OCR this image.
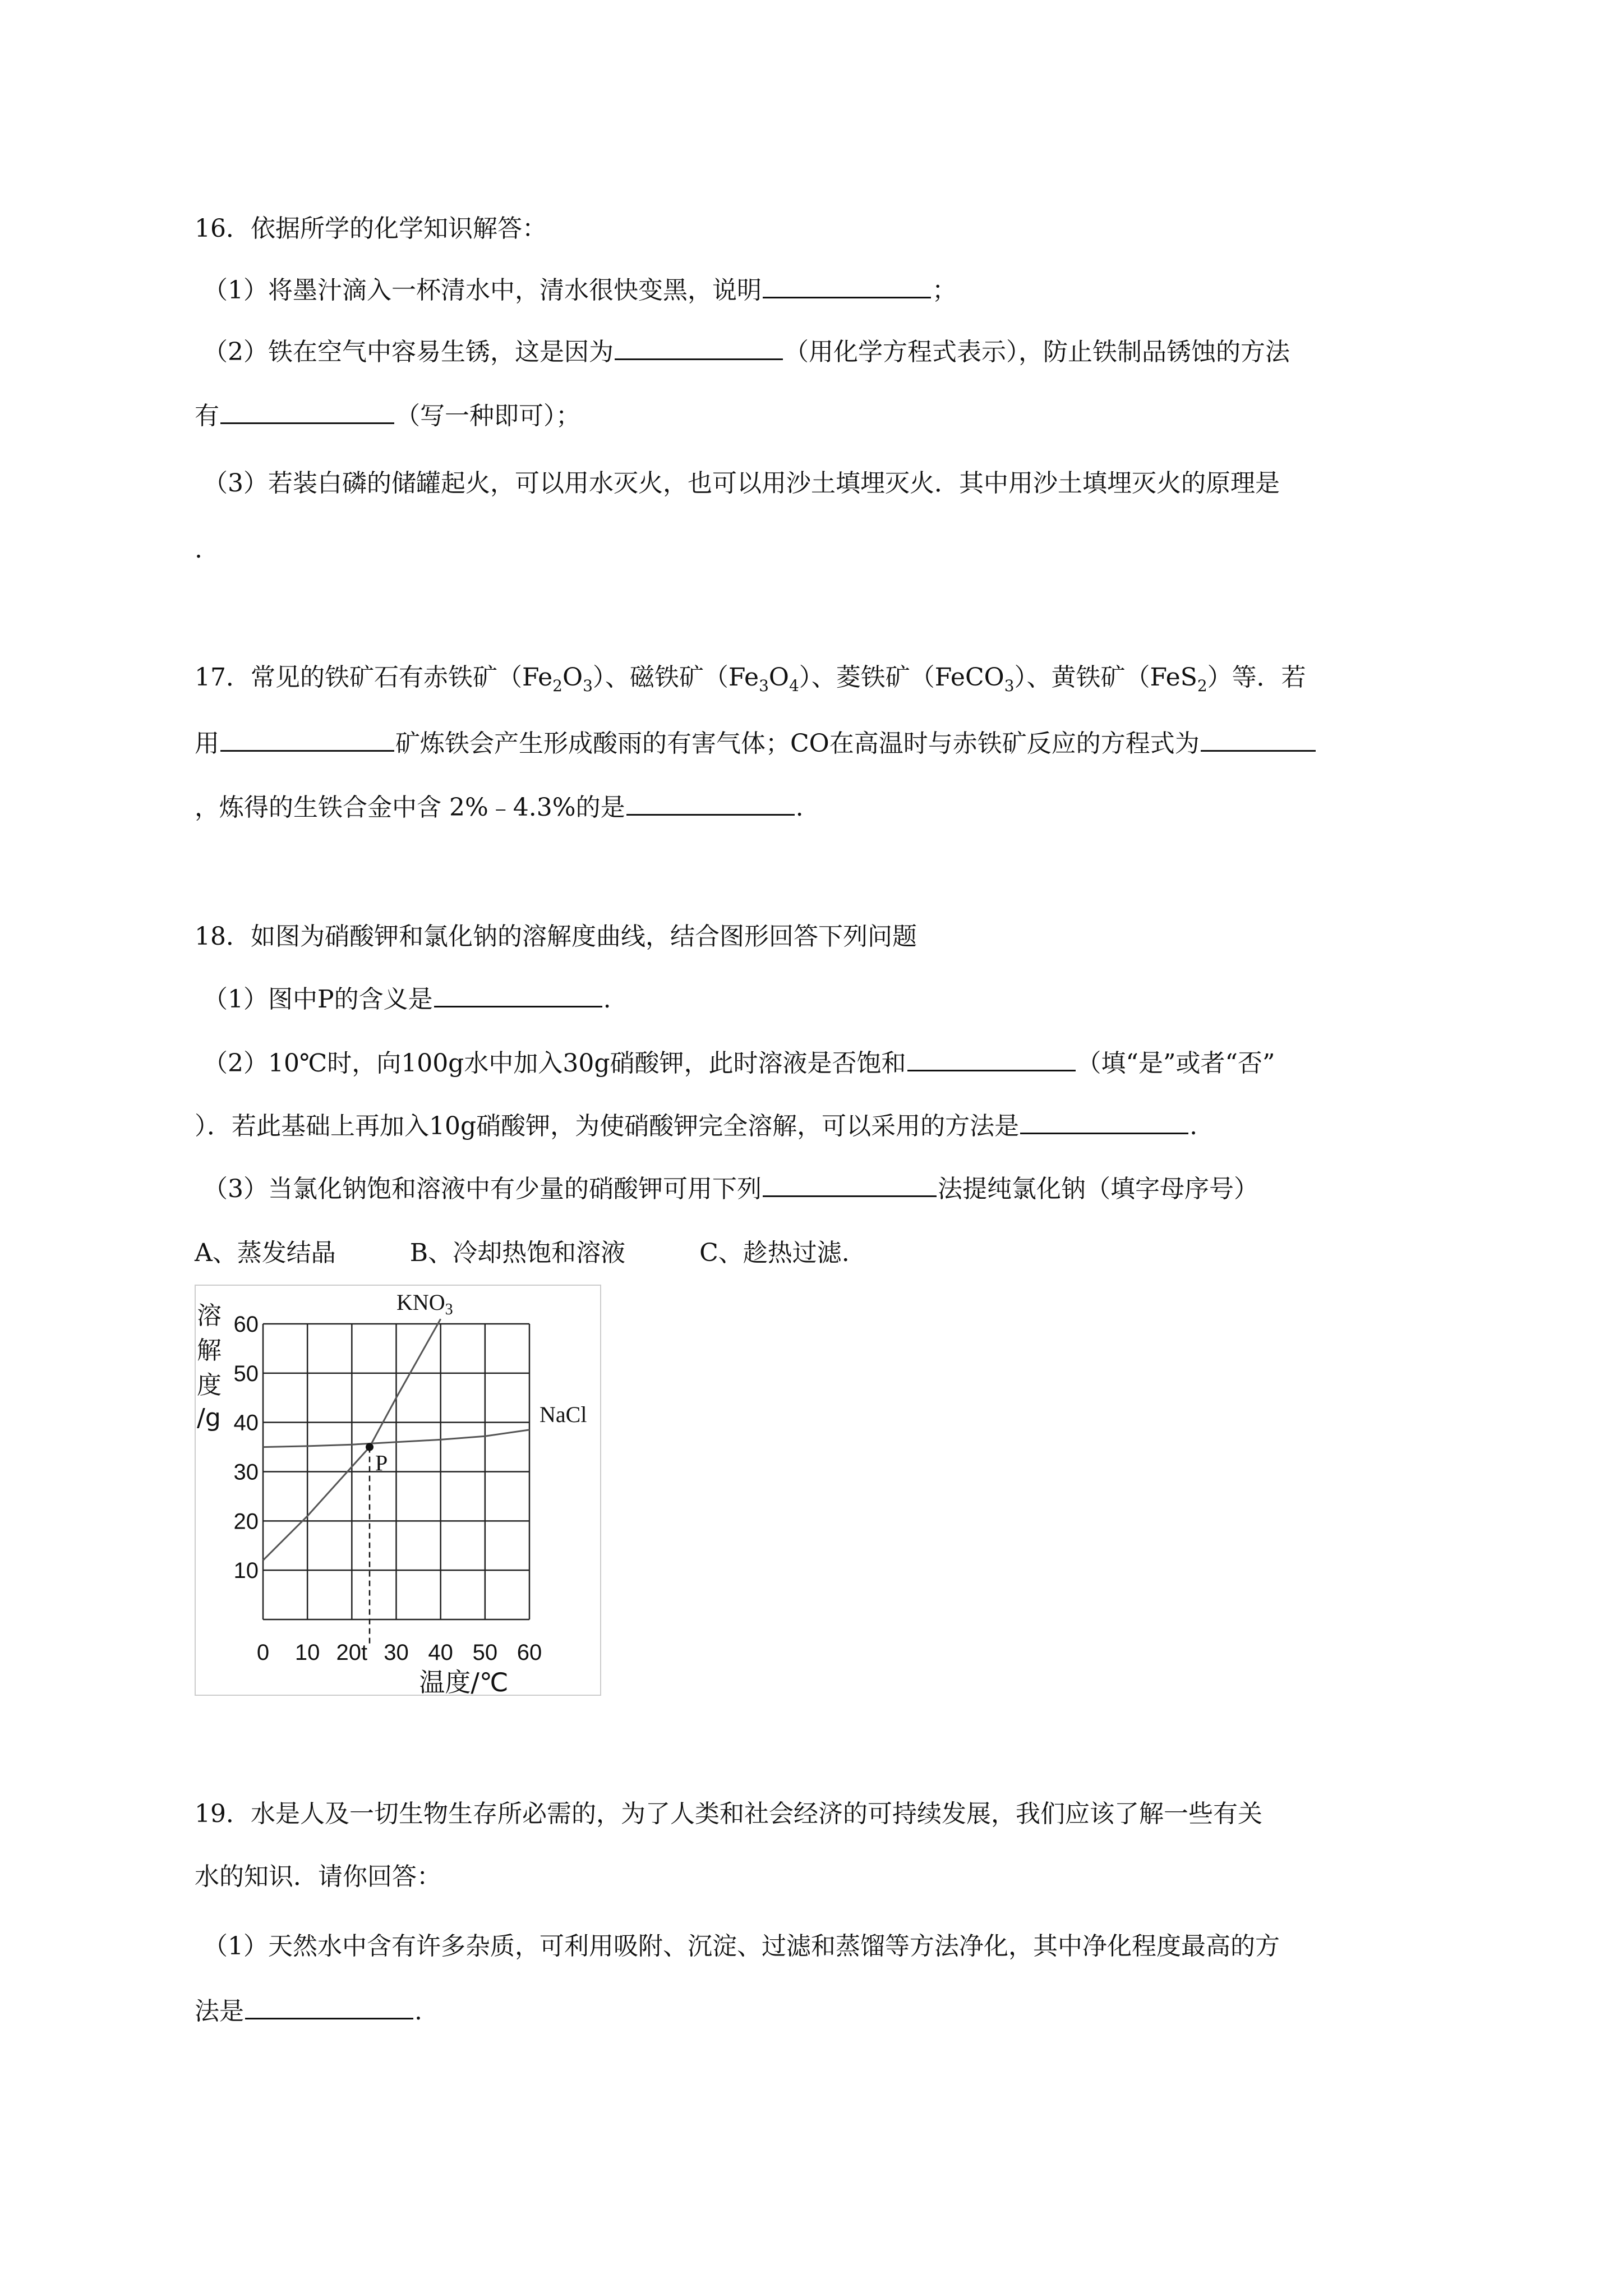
16．依据所学的化学知识解答：
（1）将墨汁滴入一杯清水中，清水很快变黑，说明	；
（2）铁在空气中容易生锈，这是因为	（用化学方程式表示），防止铁制品锈蚀的方法
有	（写一种即可）；
（3）若装白磷的储罐起火，可以用水灭火，也可以用沙土填埋灭火．其中用沙土填埋灭火的原理是
.
17．常见的铁矿石有赤铁矿$(Fe_2O_3)$、磁铁矿$(Fe_3O_4)$、菱铁矿（FeCO$_3$）、黄铁矿（FeS$_2$）等．若
用	矿炼铁会产生形成酸雨的有害气体；CO在高温时与赤铁矿反应的方程式为
，炼得的生铁合金中含 2%﹣4.3%的是	.
18．如图为硝酸钾和氯化钠的溶解度曲线，结合图形回答下列问题
（1）图中P的含义是	.
（2）10℃时，向100g水中加入30g硝酸钾，此时溶液是否饱和	（填“是”或者“否”
）．若此基础上再加入10g硝酸钾，为使硝酸钾完全溶解，可以采用的方法是	.
（3）当氯化钠饱和溶液中有少量的硝酸钾可用下列	法提纯氯化钠（填字母序号）
A、蒸发结晶　　　B、冷却热饱和溶液　　　C、趁热过滤.
P
10
20
30
40
50
60
0 10 20t 30 40 50 60
溶
解
度
/g
温度/℃
$KNO_3$
NaCl
19．水是人及一切生物生存所必需的，为了人类和社会经济的可持续发展，我们应该了解一些有关
水的知识．请你回答：
（1）天然水中含有许多杂质，可利用吸附、沉淀、过滤和蒸馏等方法净化，其中净化程度最高的方
法是	.
